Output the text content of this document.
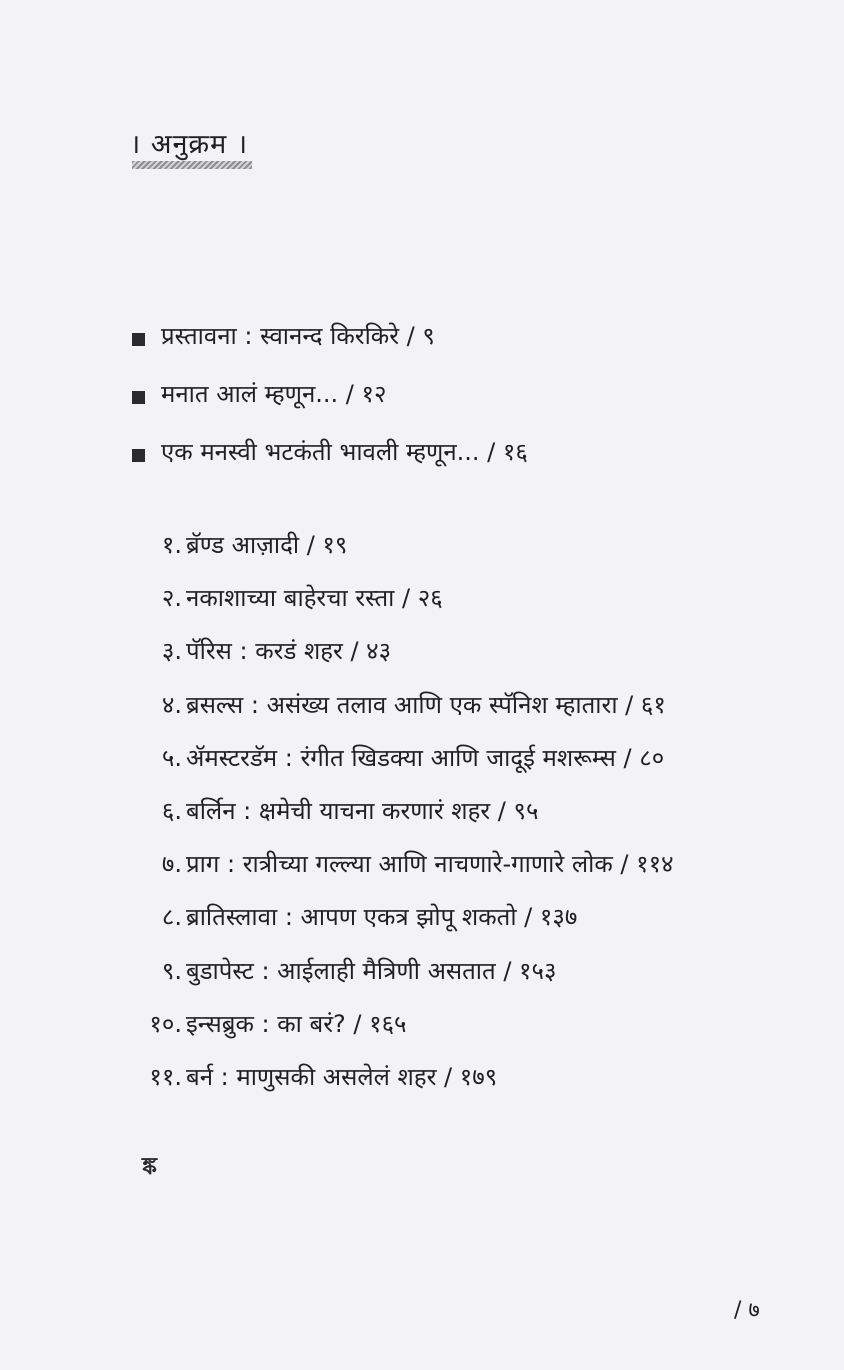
। अनुक्रम ।
प्रस्तावना : स्वानन्द किरकिरे / ९
मनात आलं म्हणून... / १२
एक मनस्वी भटकंती भावली म्हणून... / १६
१. ब्रॅण्ड आज़ादी / १९
२. नकाशाच्या बाहेरचा रस्ता / २६
३. पॅरिस : करडं शहर / ४३
४. ब्रसल्स : असंख्य तलाव आणि एक स्पॅनिश म्हातारा / ६१
५. ॲमस्टरडॅम : रंगीत खिडक्या आणि जादूई मशरूम्स / ८०
६. बर्लिन : क्षमेची याचना करणारं शहर / ९५
७. प्राग : रात्रीच्या गल्ल्या आणि नाचणारे-गाणारे लोक / ११४
८. ब्रातिस्लावा : आपण एकत्र झोपू शकतो / १३७
९. बुडापेस्ट : आईलाही मैत्रिणी असतात / १५३
१०. इन्सब्रुक : का बरं? / १६५
११. बर्न : माणुसकी असलेलं शहर / १७९
ঙ্ক
/ ७
